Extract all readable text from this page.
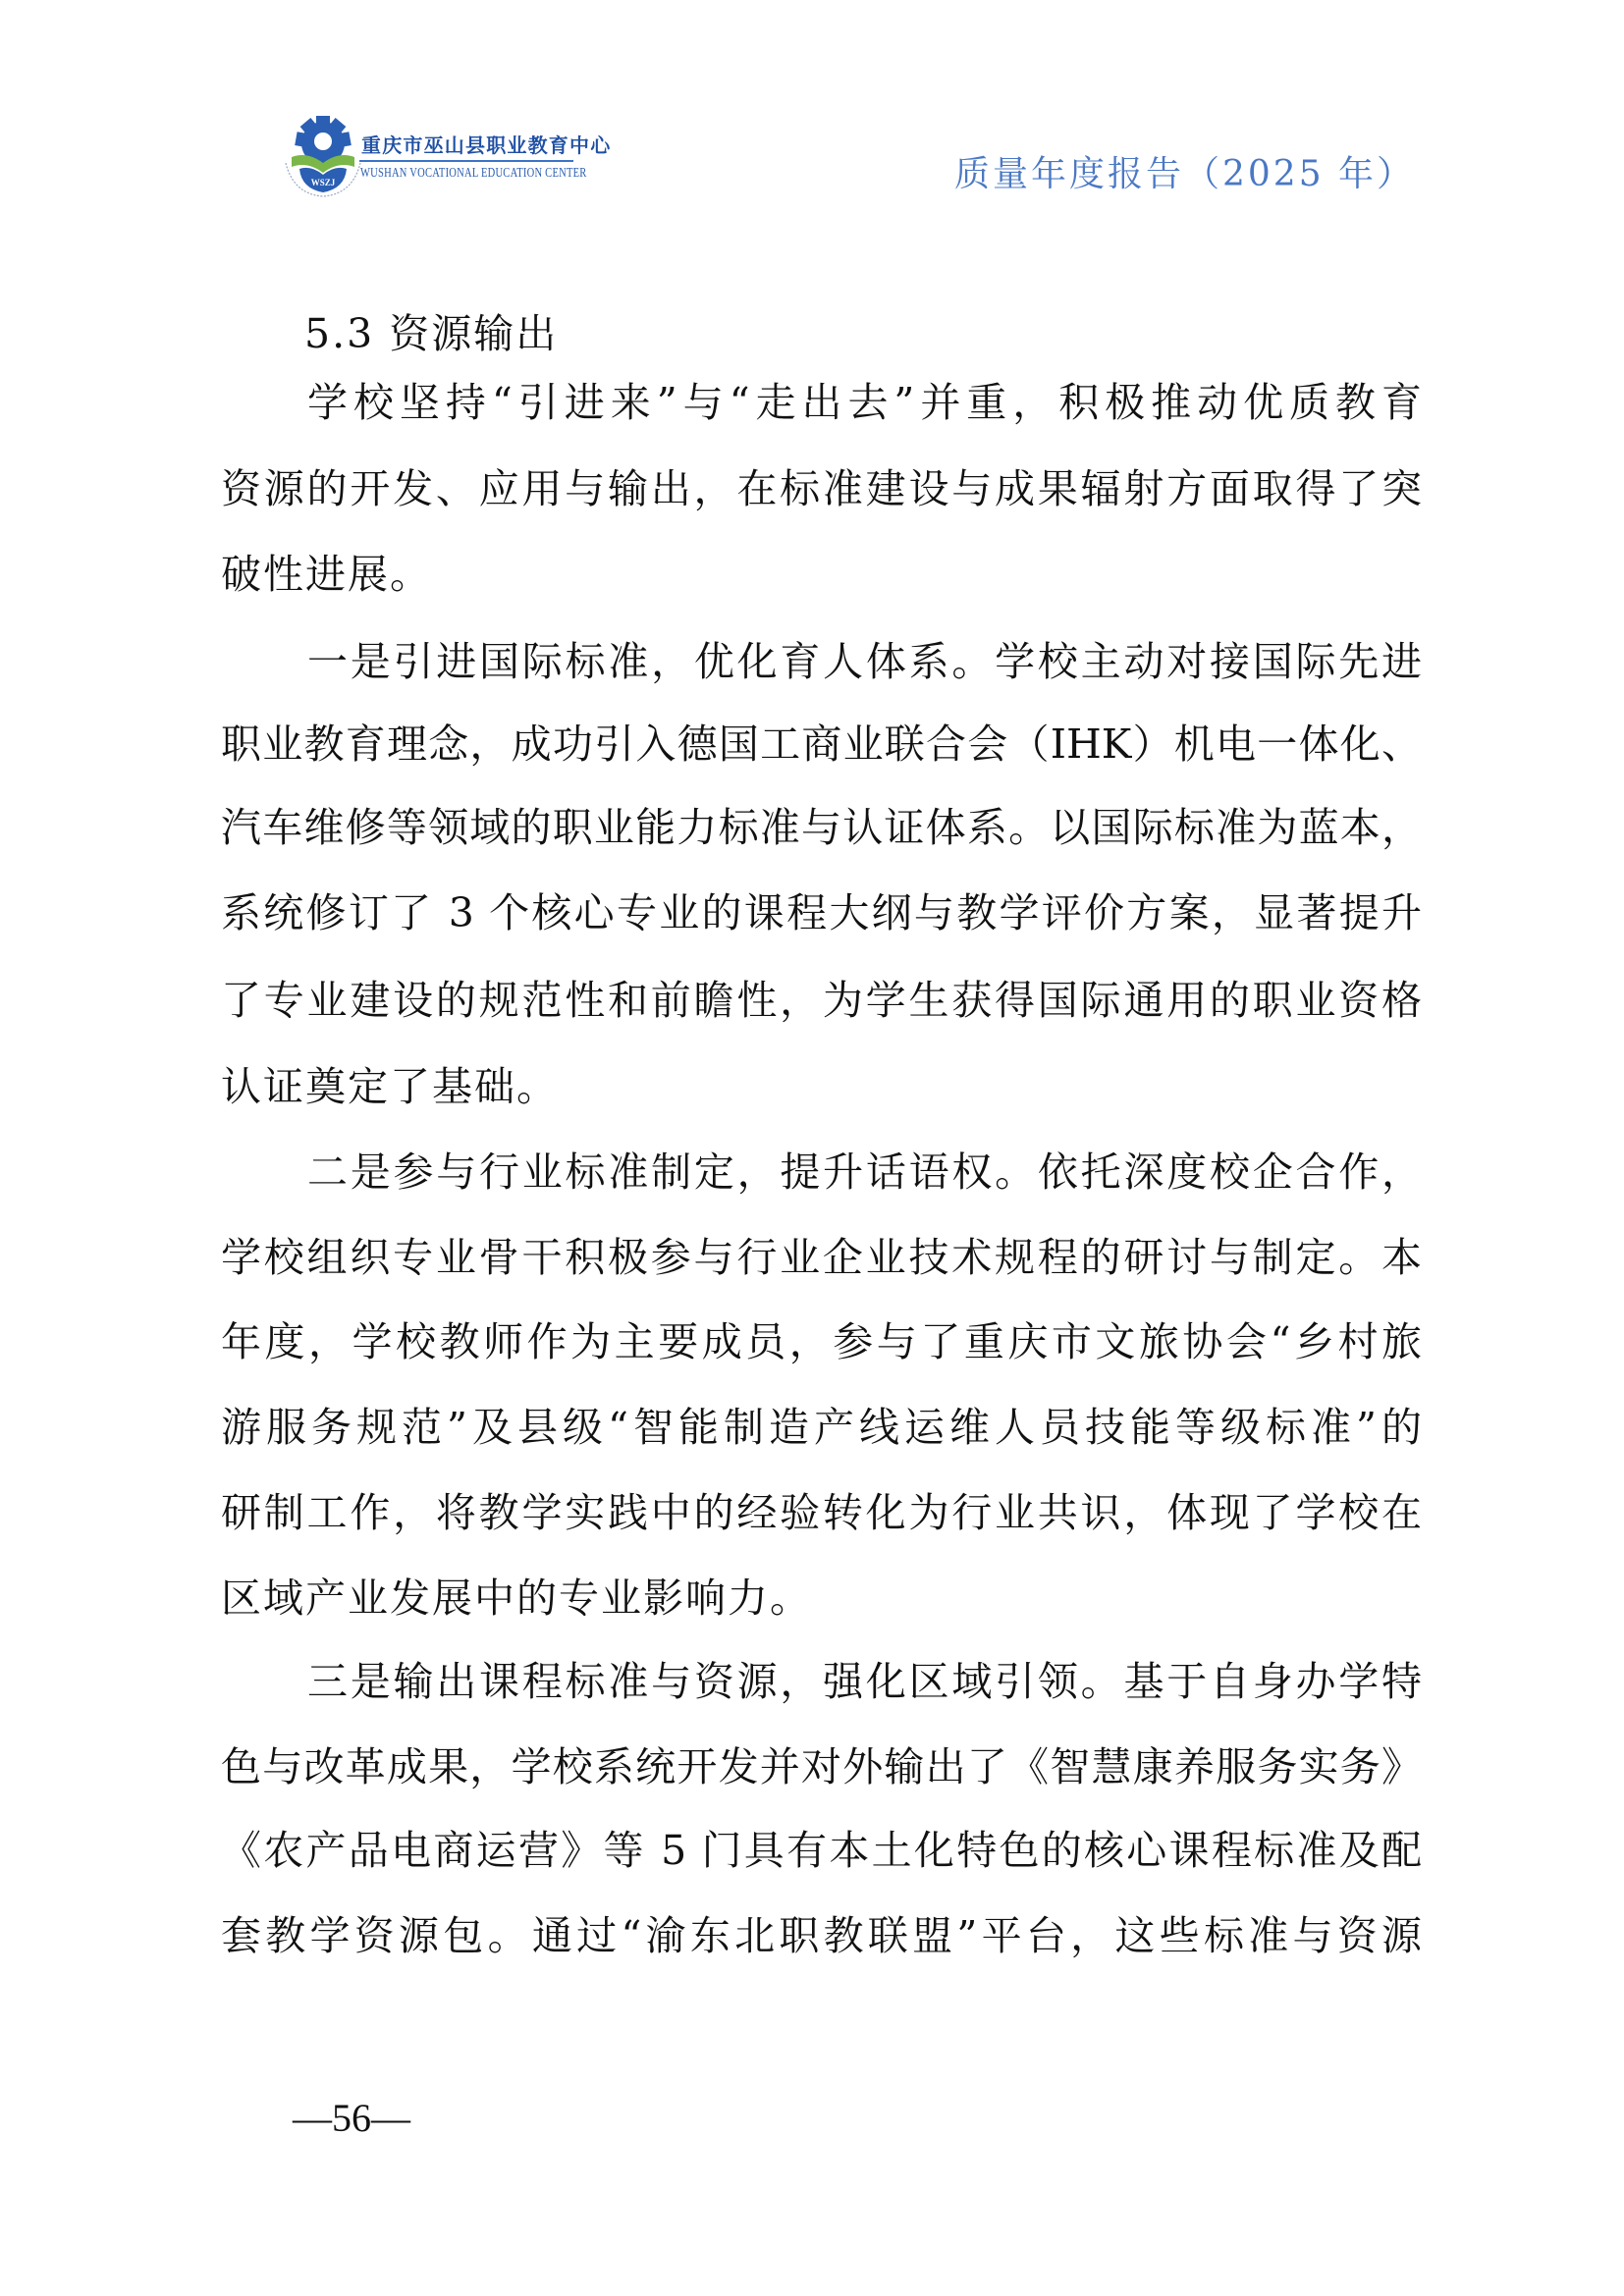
WSZJ
重庆市巫山县职业教育中心
WUSHAN VOCATIONAL EDUCATION CENTER	质量年度报告（2025 年）
5.3 资源输出
学校坚持“引进来”与“走出去”并重，积极推动优质教育
资源的开发、应用与输出，在标准建设与成果辐射方面取得了突
破性进展。
一是引进国际标准，优化育人体系。学校主动对接国际先进
职业教育理念，成功引入德国工商业联合会（IHK）机电一体化、
汽车维修等领域的职业能力标准与认证体系。以国际标准为蓝本，
系统修订了 3 个核心专业的课程大纲与教学评价方案，显著提升
了专业建设的规范性和前瞻性，为学生获得国际通用的职业资格
认证奠定了基础。
二是参与行业标准制定，提升话语权。依托深度校企合作，
学校组织专业骨干积极参与行业企业技术规程的研讨与制定。本
年度，学校教师作为主要成员，参与了重庆市文旅协会“乡村旅
游服务规范”及县级“智能制造产线运维人员技能等级标准”的
研制工作，将教学实践中的经验转化为行业共识，体现了学校在
区域产业发展中的专业影响力。
三是输出课程标准与资源，强化区域引领。基于自身办学特
色与改革成果，学校系统开发并对外输出了《智慧康养服务实务》
《农产品电商运营》等 5 门具有本土化特色的核心课程标准及配
套教学资源包。通过“渝东北职教联盟”平台，这些标准与资源
—56—
